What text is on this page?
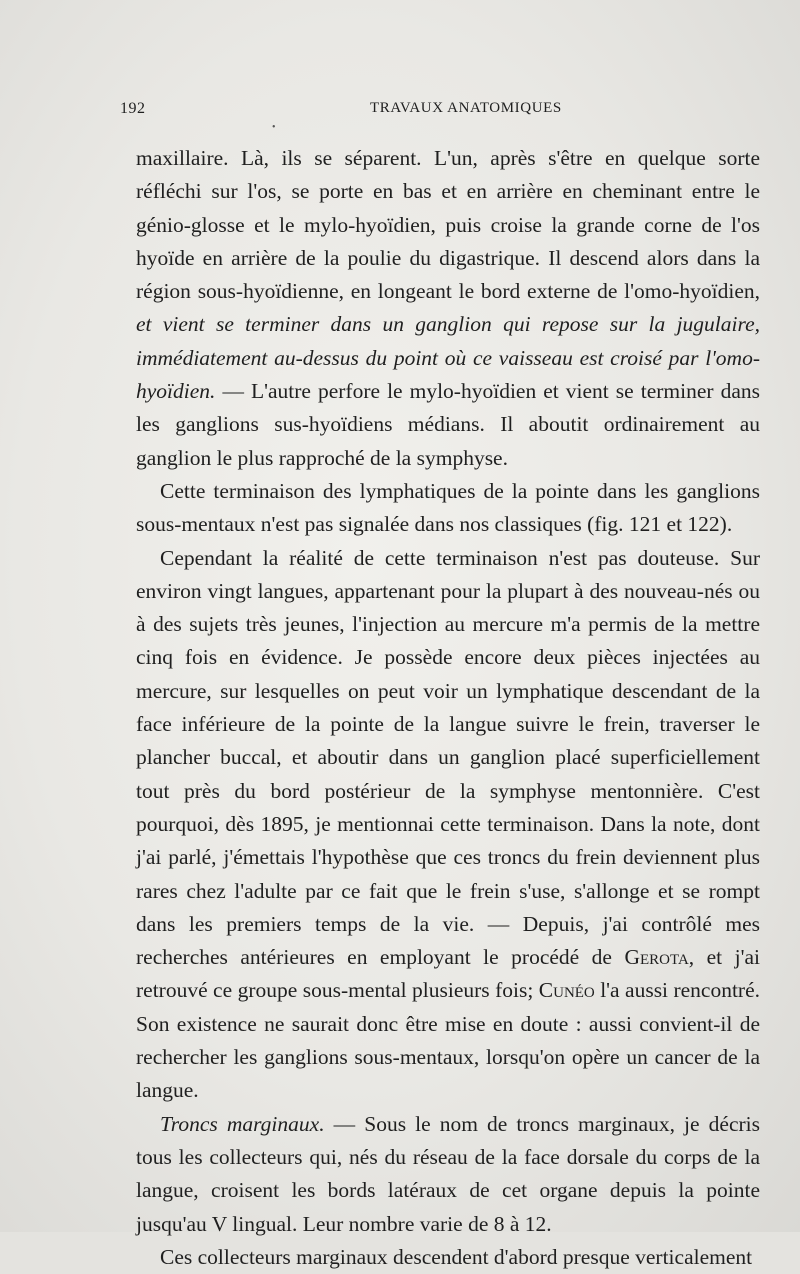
192	TRAVAUX ANATOMIQUES
•

maxillaire. Là, ils se séparent. L'un, après s'être en quelque sorte réfléchi sur l'os, se porte en bas et en arrière en cheminant entre le génio-glosse et le mylo-hyoïdien, puis croise la grande corne de l'os hyoïde en arrière de la poulie du digastrique. Il descend alors dans la région sous-hyoïdienne, en longeant le bord externe de l'omo-hyoïdien, et vient se terminer dans un ganglion qui repose sur la jugulaire, immédiatement au-dessus du point où ce vaisseau est croisé par l'omo-hyoïdien. — L'autre perfore le mylo-hyoïdien et vient se terminer dans les ganglions sus-hyoïdiens médians. Il aboutit ordinairement au ganglion le plus rapproché de la symphyse.

Cette terminaison des lymphatiques de la pointe dans les ganglions sous-mentaux n'est pas signalée dans nos classiques (fig. 121 et 122).

Cependant la réalité de cette terminaison n'est pas douteuse. Sur environ vingt langues, appartenant pour la plupart à des nouveau-nés ou à des sujets très jeunes, l'injection au mercure m'a permis de la mettre cinq fois en évidence. Je possède encore deux pièces injectées au mercure, sur lesquelles on peut voir un lymphatique descendant de la face inférieure de la pointe de la langue suivre le frein, traverser le plancher buccal, et aboutir dans un ganglion placé superficiellement tout près du bord postérieur de la symphyse mentonnière. C'est pourquoi, dès 1895, je mentionnai cette terminaison. Dans la note, dont j'ai parlé, j'émettais l'hypothèse que ces troncs du frein deviennent plus rares chez l'adulte par ce fait que le frein s'use, s'allonge et se rompt dans les premiers temps de la vie. — Depuis, j'ai contrôlé mes recherches antérieures en employant le procédé de Gerota, et j'ai retrouvé ce groupe sous-mental plusieurs fois; Cunéo l'a aussi rencontré. Son existence ne saurait donc être mise en doute : aussi convient-il de rechercher les ganglions sous-mentaux, lorsqu'on opère un cancer de la langue.

Troncs marginaux. — Sous le nom de troncs marginaux, je décris tous les collecteurs qui, nés du réseau de la face dorsale du corps de la langue, croisent les bords latéraux de cet organe depuis la pointe jusqu'au V lingual. Leur nombre varie de 8 à 12.

Ces collecteurs marginaux descendent d'abord presque verticalement
